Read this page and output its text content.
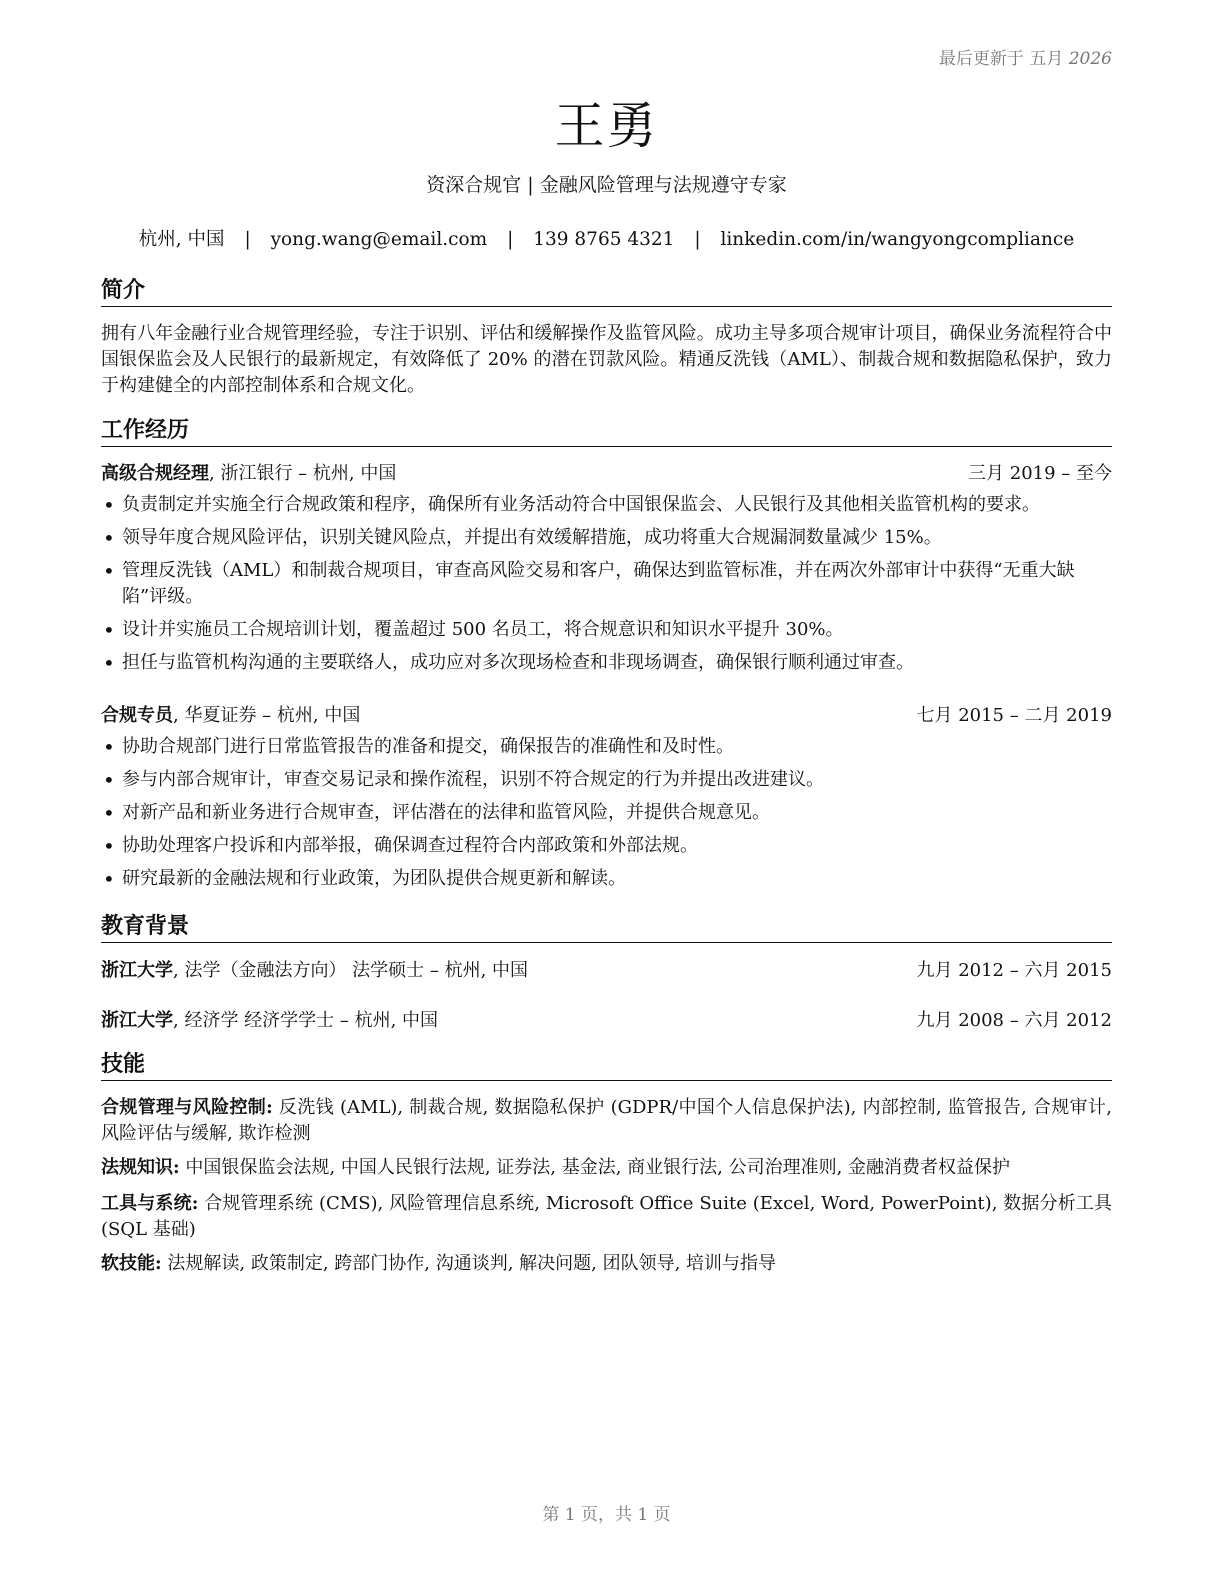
最后更新于 五月 2026
王勇
资深合规官 | 金融风险管理与法规遵守专家
杭州, 中国 | yong.wang@email.com | 139 8765 4321 | linkedin.com/in/wangyongcompliance
简介
拥有八年金融行业合规管理经验，专注于识别、评估和缓解操作及监管风险。成功主导多项合规审计项目，确保业务流程符合中国银保监会及人民银行的最新规定，有效降低了 20% 的潜在罚款风险。精通反洗钱（AML）、制裁合规和数据隐私保护，致力于构建健全的内部控制体系和合规文化。
工作经历
高级合规经理, 浙江银行 – 杭州, 中国	三月 2019 – 至今
• 负责制定并实施全行合规政策和程序，确保所有业务活动符合中国银保监会、人民银行及其他相关监管机构的要求。
• 领导年度合规风险评估，识别关键风险点，并提出有效缓解措施，成功将重大合规漏洞数量减少 15%。
• 管理反洗钱（AML）和制裁合规项目，审查高风险交易和客户，确保达到监管标准，并在两次外部审计中获得“无重大缺陷”评级。
• 设计并实施员工合规培训计划，覆盖超过 500 名员工，将合规意识和知识水平提升 30%。
• 担任与监管机构沟通的主要联络人，成功应对多次现场检查和非现场调查，确保银行顺利通过审查。
合规专员, 华夏证券 – 杭州, 中国	七月 2015 – 二月 2019
• 协助合规部门进行日常监管报告的准备和提交，确保报告的准确性和及时性。
• 参与内部合规审计，审查交易记录和操作流程，识别不符合规定的行为并提出改进建议。
• 对新产品和新业务进行合规审查，评估潜在的法律和监管风险，并提供合规意见。
• 协助处理客户投诉和内部举报，确保调查过程符合内部政策和外部法规。
• 研究最新的金融法规和行业政策，为团队提供合规更新和解读。
教育背景
浙江大学, 法学（金融法方向） 法学硕士 – 杭州, 中国	九月 2012 – 六月 2015
浙江大学, 经济学 经济学学士 – 杭州, 中国	九月 2008 – 六月 2012
技能
合规管理与风险控制: 反洗钱 (AML), 制裁合规, 数据隐私保护 (GDPR/中国个人信息保护法), 内部控制, 监管报告, 合规审计, 风险评估与缓解, 欺诈检测
法规知识: 中国银保监会法规, 中国人民银行法规, 证券法, 基金法, 商业银行法, 公司治理准则, 金融消费者权益保护
工具与系统: 合规管理系统 (CMS), 风险管理信息系统, Microsoft Office Suite (Excel, Word, PowerPoint), 数据分析工具 (SQL 基础)
软技能: 法规解读, 政策制定, 跨部门协作, 沟通谈判, 解决问题, 团队领导, 培训与指导
第 1 页，共 1 页
